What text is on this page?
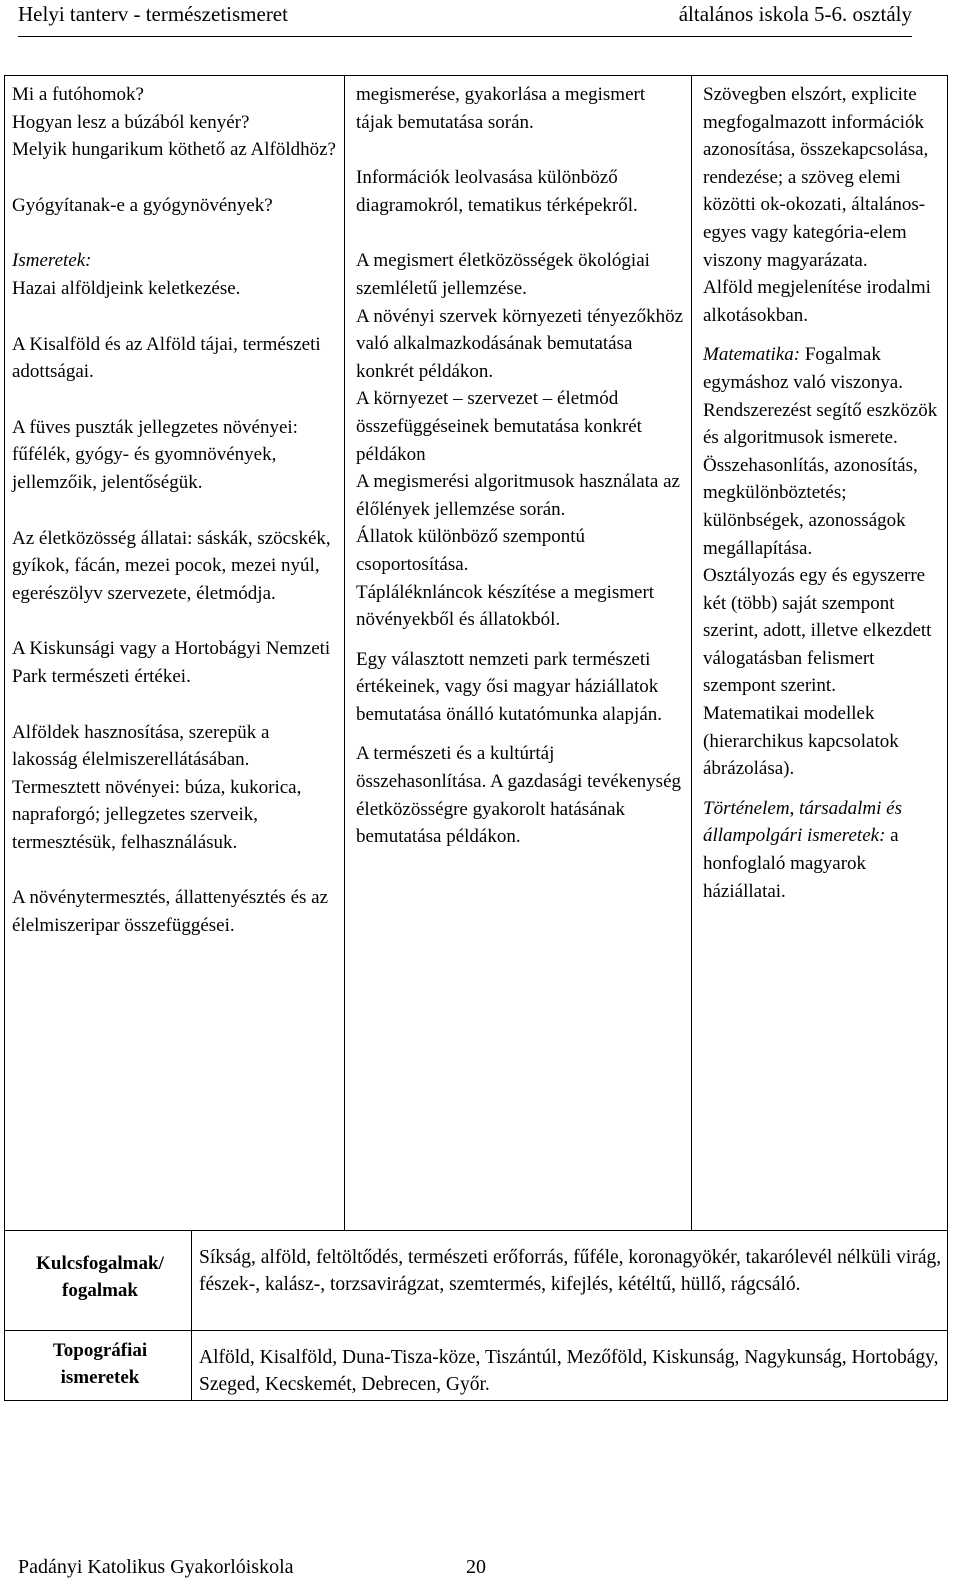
Helyi tanterv - természetismeret	általános iskola 5-6. osztály

Mi a futóhomok?

Hogyan lesz a búzából kenyér?

Melyik hungarikum köthető az Alföldhöz?

Gyógyítanak-e a gyógynövények?

Ismeretek:

Hazai alföldjeink keletkezése.

A Kisalföld és az Alföld tájai, természeti adottságai.

A füves puszták jellegzetes növényei: fűfélék, gyógy- és gyomnövények, jellemzőik, jelentőségük.

Az életközösség állatai: sáskák, szöcskék, gyíkok, fácán, mezei pocok, mezei nyúl, egerészölyv szervezete, életmódja.

A Kiskunsági vagy a Hortobágyi Nemzeti Park természeti értékei.

Alföldek hasznosítása, szerepük a lakosság élelmiszerellátásában.

Termesztett növényei: búza, kukorica, napraforgó; jellegzetes szerveik, termesztésük, felhasználásuk.

A növénytermesztés, állattenyésztés és az élelmiszeripar összefüggései.

megismerése, gyakorlása a megismert tájak bemutatása során.

Információk leolvasása különböző diagramokról, tematikus térképekről.

A megismert életközösségek ökológiai szemléletű jellemzése.

A növényi szervek környezeti tényezőkhöz való alkalmazkodásának bemutatása konkrét példákon.

A környezet – szervezet – életmód összefüggéseinek bemutatása konkrét példákon

A megismerési algoritmusok használata az élőlények jellemzése során.

Állatok különböző szempontú csoportosítása.

Tápláléknláncok készítése a megismert növényekből és állatokból.

Egy választott nemzeti park természeti értékeinek, vagy ősi magyar háziállatok bemutatása önálló kutatómunka alapján.

A természeti és a kultúrtáj összehasonlítása. A gazdasági tevékenység életközösségre gyakorolt hatásának bemutatása példákon.

Szövegben elszórt, explicite megfogalmazott információk azonosítása, összekapcsolása, rendezése; a szöveg elemi közötti ok-okozati, általános-egyes vagy kategória-elem viszony magyarázata.

Alföld megjelenítése irodalmi alkotásokban.

Matematika: Fogalmak egymáshoz való viszonya.

Rendszerezést segítő eszközök és algoritmusok ismerete.

Összehasonlítás, azonosítás, megkülönböztetés; különbségek, azonosságok megállapítása.

Osztályozás egy és egyszerre két (több) saját szempont szerint, adott, illetve elkezdett válogatásban felismert szempont szerint.

Matematikai modellek (hierarchikus kapcsolatok ábrázolása).

Történelem, társadalmi és állampolgári ismeretek: a honfoglaló magyarok háziállatai.

Kulcsfogalmak/ fogalmak
Síkság, alföld, feltöltődés, természeti erőforrás, fűféle, koronagyökér, takarólevél nélküli virág, fészek-, kalász-, torzsavirágzat, szemtermés, kifejlés, kétéltű, hüllő, rágcsáló.
Topográfiai ismeretek
Alföld, Kisalföld, Duna-Tisza-köze, Tiszántúl, Mezőföld, Kiskunság, Nagykunság, Hortobágy, Szeged, Kecskemét, Debrecen, Győr.
Padányi Katolikus Gyakorlóiskola	20
